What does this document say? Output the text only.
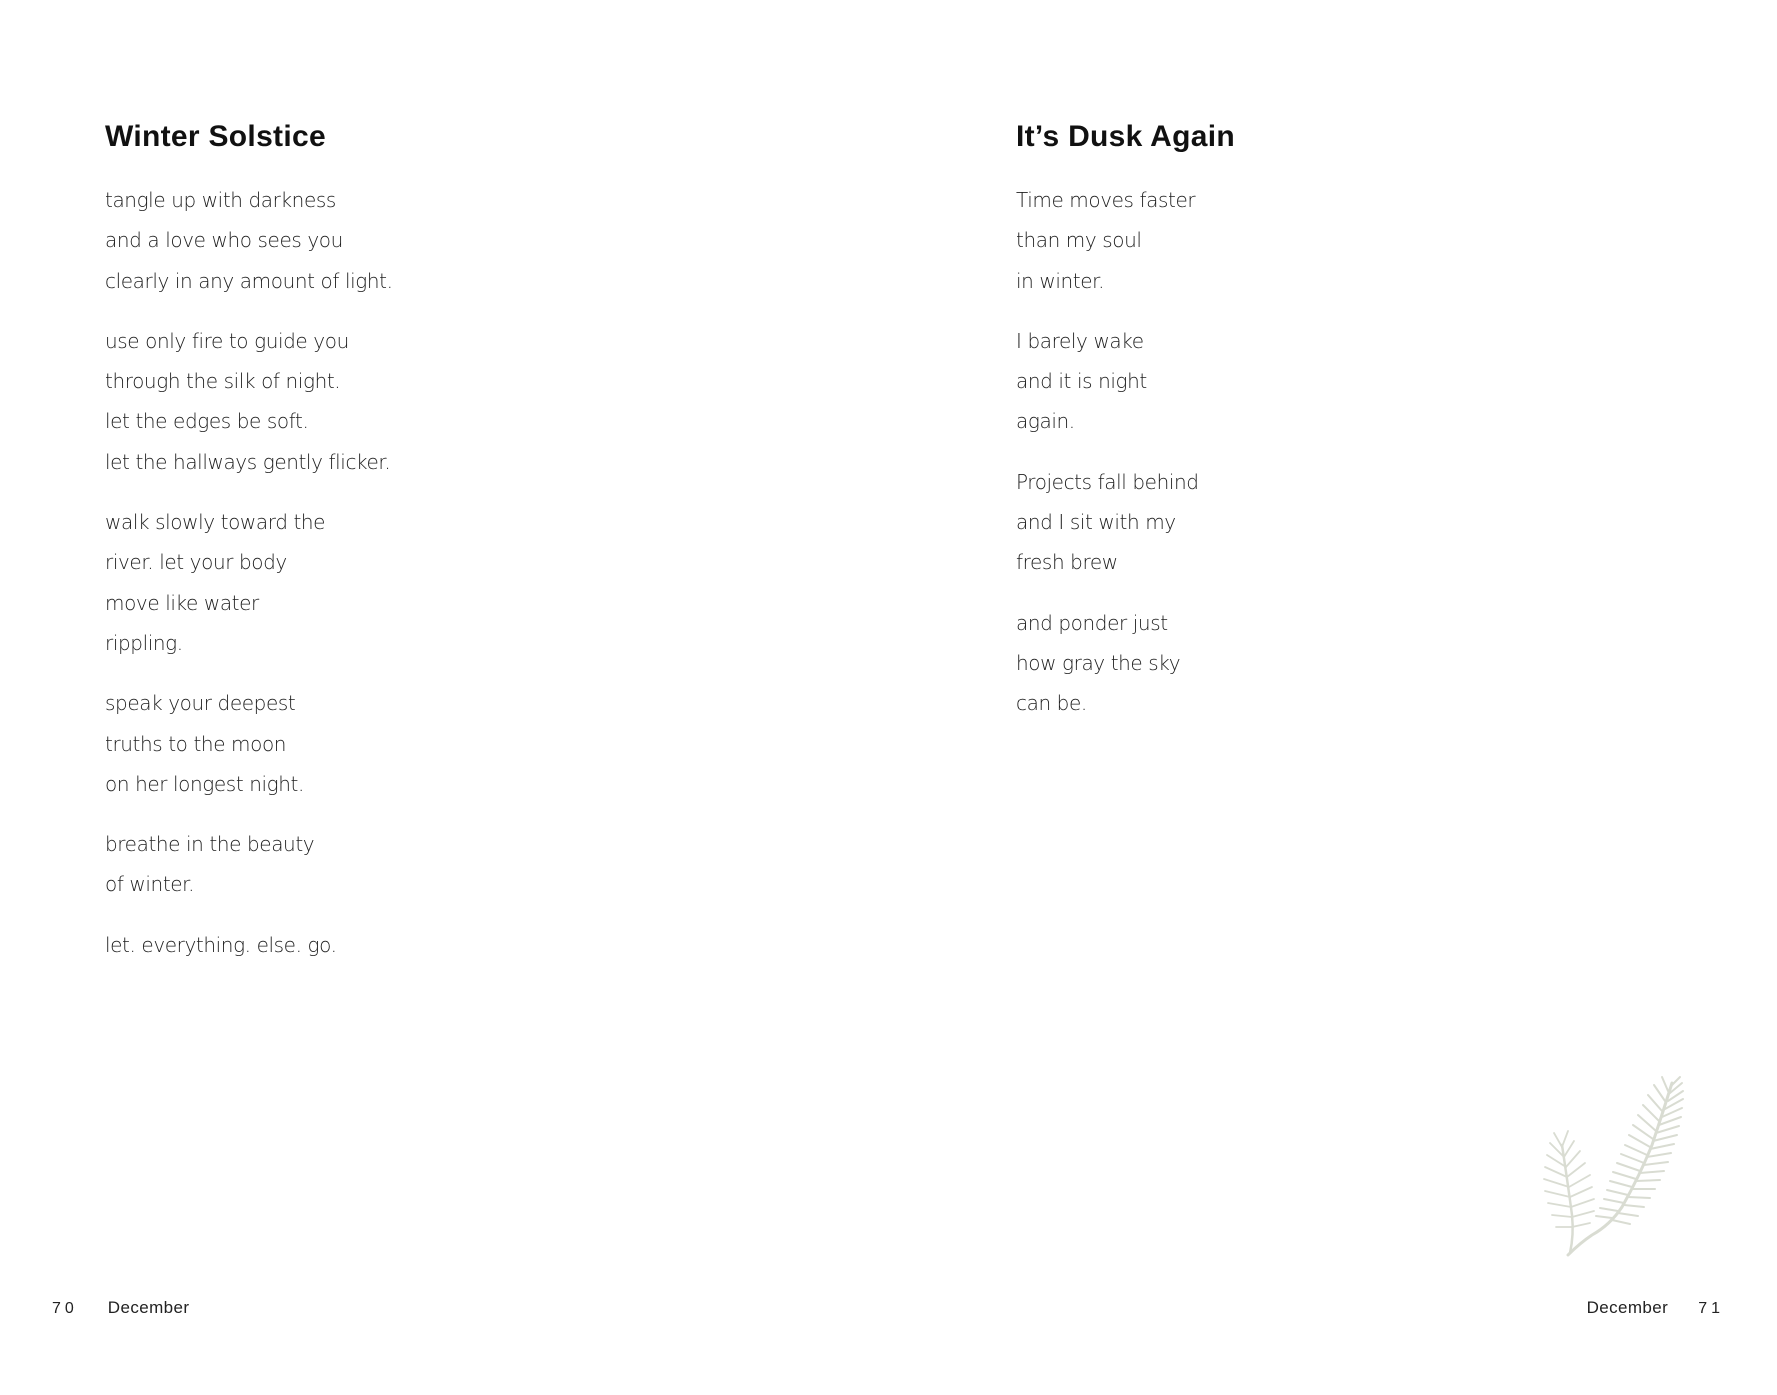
Winter Solstice
tangle up with darkness
and a love who sees you
clearly in any amount of light.
use only fire to guide you
through the silk of night.
let the edges be soft.
let the hallways gently flicker.
walk slowly toward the
river. let your body
move like water
rippling.
speak your deepest
truths to the moon
on her longest night.
breathe in the beauty
of winter.
let. everything. else. go.
70 December
It’s Dusk Again
Time moves faster
than my soul
in winter.
I barely wake
and it is night
again.
Projects fall behind
and I sit with my
fresh brew
and ponder just
how gray the sky
can be.
December 71
